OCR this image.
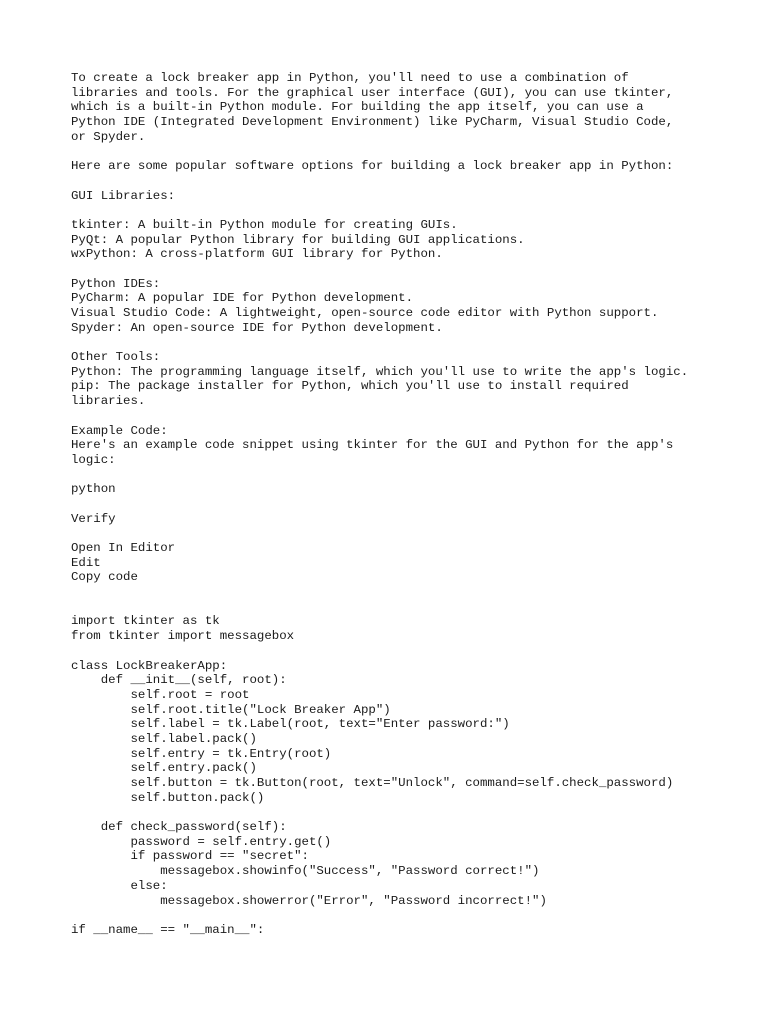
To create a lock breaker app in Python, you'll need to use a combination of
libraries and tools. For the graphical user interface (GUI), you can use tkinter,
which is a built-in Python module. For building the app itself, you can use a
Python IDE (Integrated Development Environment) like PyCharm, Visual Studio Code,
or Spyder.
Here are some popular software options for building a lock breaker app in Python:
GUI Libraries:
tkinter: A built-in Python module for creating GUIs.
PyQt: A popular Python library for building GUI applications.
wxPython: A cross-platform GUI library for Python.
Python IDEs:
PyCharm: A popular IDE for Python development.
Visual Studio Code: A lightweight, open-source code editor with Python support.
Spyder: An open-source IDE for Python development.
Other Tools:
Python: The programming language itself, which you'll use to write the app's logic.
pip: The package installer for Python, which you'll use to install required
libraries.
Example Code:
Here's an example code snippet using tkinter for the GUI and Python for the app's
logic:
python
Verify
Open In Editor
Edit
Copy code
import tkinter as tk
from tkinter import messagebox
class LockBreakerApp:
def __init__(self, root):
self.root = root
self.root.title("Lock Breaker App")
self.label = tk.Label(root, text="Enter password:")
self.label.pack()
self.entry = tk.Entry(root)
self.entry.pack()
self.button = tk.Button(root, text="Unlock", command=self.check_password)
self.button.pack()
def check_password(self):
password = self.entry.get()
if password == "secret":
messagebox.showinfo("Success", "Password correct!")
else:
messagebox.showerror("Error", "Password incorrect!")
if __name__ == "__main__":
